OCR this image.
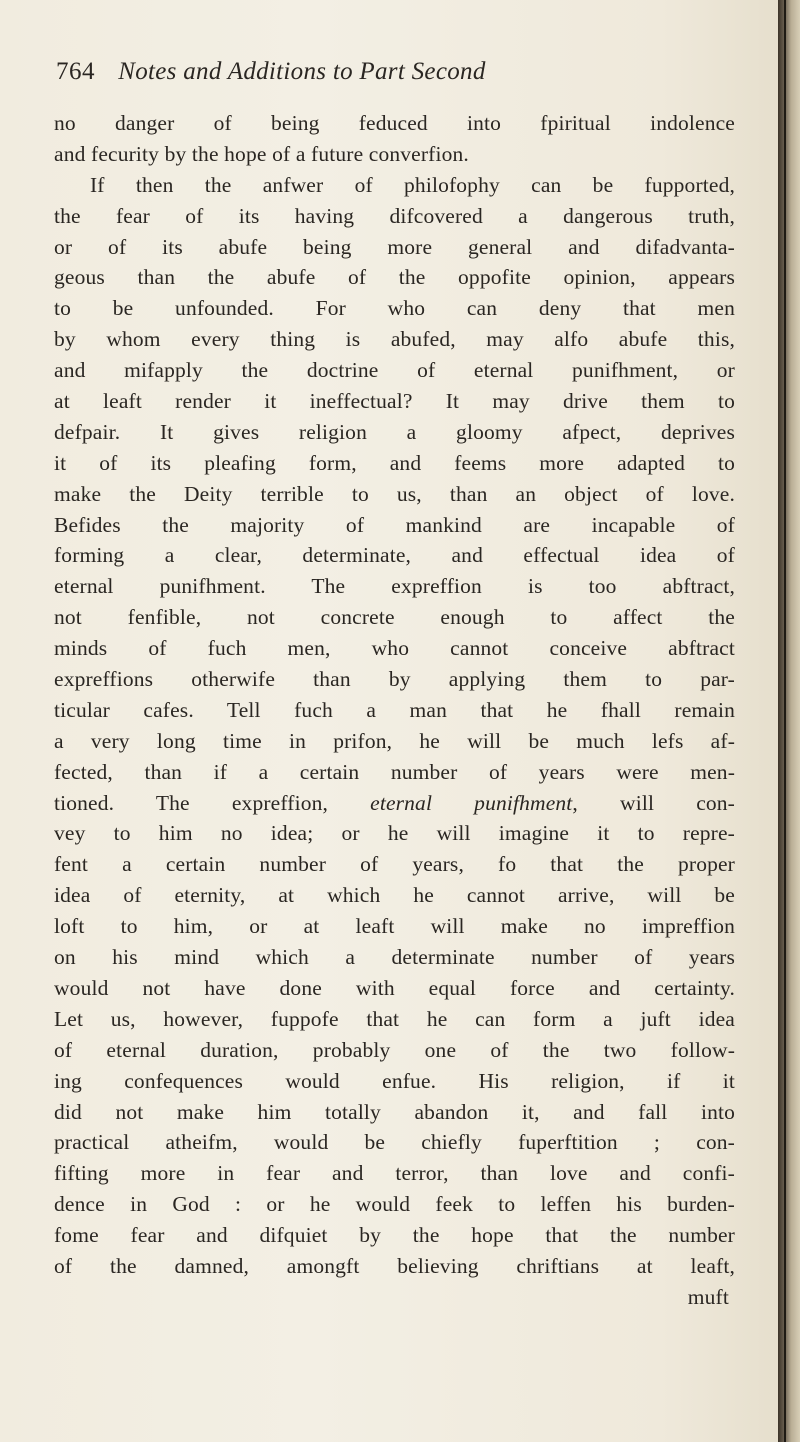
764 Notes and Additions to Part Second
no danger of being feduced into fpiritual indolence
and fecurity by the hope of a future converfion.
If then the anfwer of philofophy can be fupported,
the fear of its having difcovered a dangerous truth,
or of its abufe being more general and difadvanta-
geous than the abufe of the oppofite opinion, appears
to be unfounded. For who can deny that men
by whom every thing is abufed, may alfo abufe this,
and mifapply the doctrine of eternal punifhment, or
at leaft render it ineffectual? It may drive them to
defpair. It gives religion a gloomy afpect, deprives
it of its pleafing form, and feems more adapted to
make the Deity terrible to us, than an object of love.
Befides the majority of mankind are incapable of
forming a clear, determinate, and effectual idea of
eternal punifhment. The expreffion is too abftract,
not fenfible, not concrete enough to affect the
minds of fuch men, who cannot conceive abftract
expreffions otherwife than by applying them to par-
ticular cafes. Tell fuch a man that he fhall remain
a very long time in prifon, he will be much lefs af-
fected, than if a certain number of years were men-
tioned. The expreffion, eternal punifhment, will con-
vey to him no idea; or he will imagine it to repre-
fent a certain number of years, fo that the proper
idea of eternity, at which he cannot arrive, will be
loft to him, or at leaft will make no impreffion
on his mind which a determinate number of years
would not have done with equal force and certainty.
Let us, however, fuppofe that he can form a juft idea
of eternal duration, probably one of the two follow-
ing confequences would enfue. His religion, if it
did not make him totally abandon it, and fall into
practical atheifm, would be chiefly fuperftition ; con-
fifting more in fear and terror, than love and confi-
dence in God : or he would feek to leffen his burden-
fome fear and difquiet by the hope that the number
of the damned, amongft believing chriftians at leaft,
muft
